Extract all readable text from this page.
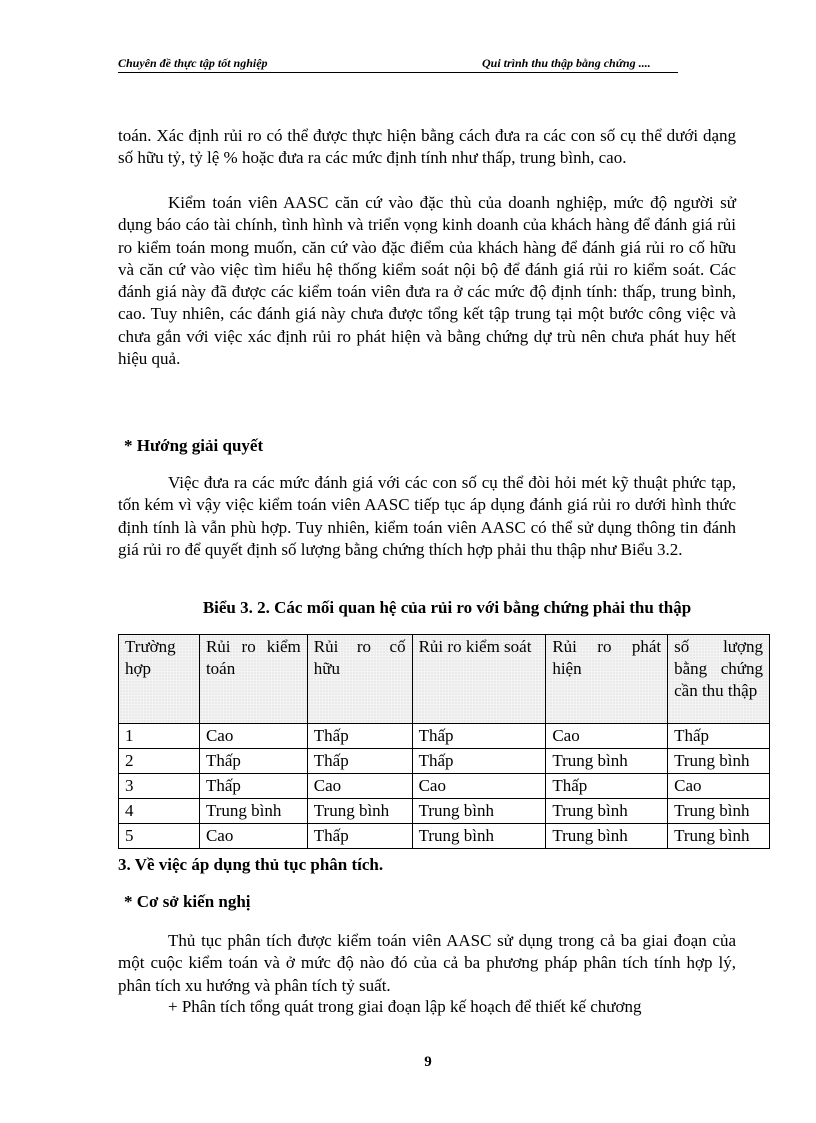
Chuyên đề thực tập tốt nghiệp	Qui trình thu thập bằng chứng ....

toán. Xác định rủi ro có thể được thực hiện bằng cách đưa ra các con số cụ thể dưới dạng số hữu tỷ, tỷ lệ % hoặc đưa ra các mức định tính như thấp, trung bình, cao.

Kiểm toán viên AASC căn cứ vào đặc thù của doanh nghiệp, mức độ người sử dụng báo cáo tài chính, tình hình và triển vọng kinh doanh của khách hàng để đánh giá rủi ro kiểm toán mong muốn, căn cứ vào đặc điểm của khách hàng để đánh giá rủi ro cố hữu và căn cứ vào việc tìm hiểu hệ thống kiểm soát nội bộ để đánh giá rủi ro kiểm soát. Các đánh giá này đã được các kiểm toán viên đưa ra ở các mức độ định tính: thấp, trung bình, cao. Tuy nhiên, các đánh giá này chưa được tổng kết tập trung tại một bước công việc và chưa gắn với việc xác định rủi ro phát hiện và bằng chứng dự trù nên chưa phát huy hết hiệu quả.

* Hướng giải quyết

Việc đưa ra các mức đánh giá với các con số cụ thể đòi hỏi mét kỹ thuật phức tạp, tốn kém vì vậy việc kiểm toán viên AASC tiếp tục áp dụng đánh giá rủi ro dưới hình thức định tính là vẫn phù hợp. Tuy nhiên, kiểm toán viên AASC có thể sử dụng thông tin đánh giá rủi ro để quyết định số lượng bằng chứng thích hợp phải thu thập như Biểu 3.2.

Biểu 3. 2. Các mối quan hệ của rủi ro với bằng chứng phải thu thập
Trường hợp	Rủi ro kiểm toán	Rủi ro cố hữu	Rủi ro kiểm soát	Rủi ro phát hiện	số lượng bằng chứng cần thu thập
1	Cao	Thấp	Thấp	Cao	Thấp
2	Thấp	Thấp	Thấp	Trung bình	Trung bình
3	Thấp	Cao	Cao	Thấp	Cao
4	Trung bình	Trung bình	Trung bình	Trung bình	Trung bình
5	Cao	Thấp	Trung bình	Trung bình	Trung bình

3. Về việc áp dụng thủ tục phân tích.

* Cơ sở kiến nghị

Thủ tục phân tích được kiểm toán viên AASC sử dụng trong cả ba giai đoạn của một cuộc kiểm toán và ở mức độ nào đó của cả ba phương pháp phân tích tính hợp lý, phân tích xu hướng và phân tích tỷ suất.

+ Phân tích tổng quát trong giai đoạn lập kế hoạch để thiết kế chương

9
